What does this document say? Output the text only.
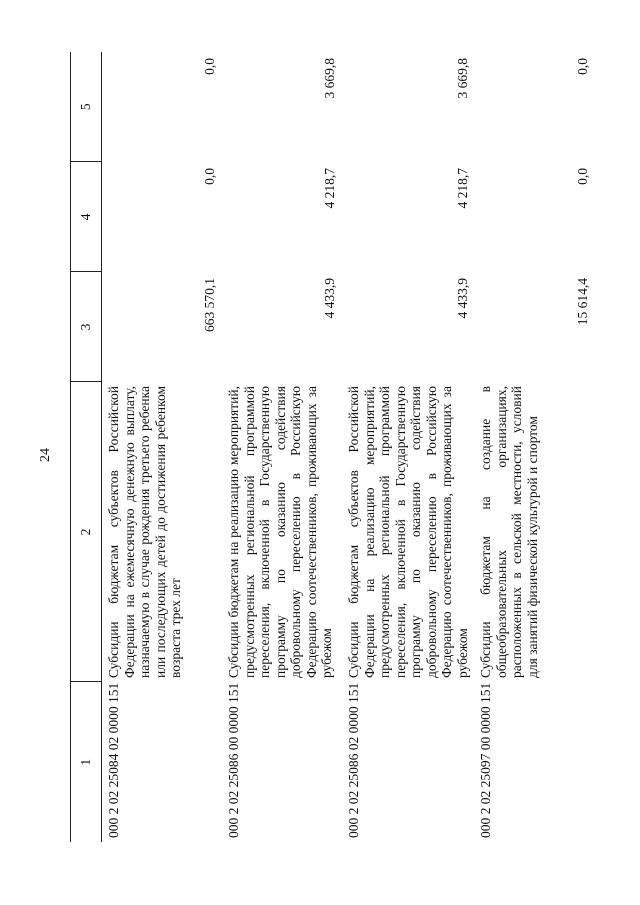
24
1	2	3	4	5
000 2 02 25084 02 0000 151	Субсидии бюджетам субъектов Российской Федерации на ежемесячную денежную выплату, назначаемую в случае рождения третьего ребенка или последующих детей до достижения ребенком возраста трех лет	663 570,1	0,0	0,0
000 2 02 25086 00 0000 151	Субсидии бюджетам на реализацию мероприятий, предусмотренных региональной программой переселения, включенной в Государственную программу по оказанию содействия добровольному переселению в Российскую Федерацию соотечественников, проживающих за рубежом	4 433,9	4 218,7	3 669,8
000 2 02 25086 02 0000 151	Субсидии бюджетам субъектов Российской Федерации на реализацию мероприятий, предусмотренных региональной программой переселения, включенной в Государственную программу по оказанию содействия добровольному переселению в Российскую Федерацию соотечественников, проживающих за рубежом	4 433,9	4 218,7	3 669,8
000 2 02 25097 00 0000 151	Субсидии бюджетам на создание в общеобразовательных организациях, расположенных в сельской местности, условий для занятий физической культурой и спортом	15 614,4	0,0	0,0
